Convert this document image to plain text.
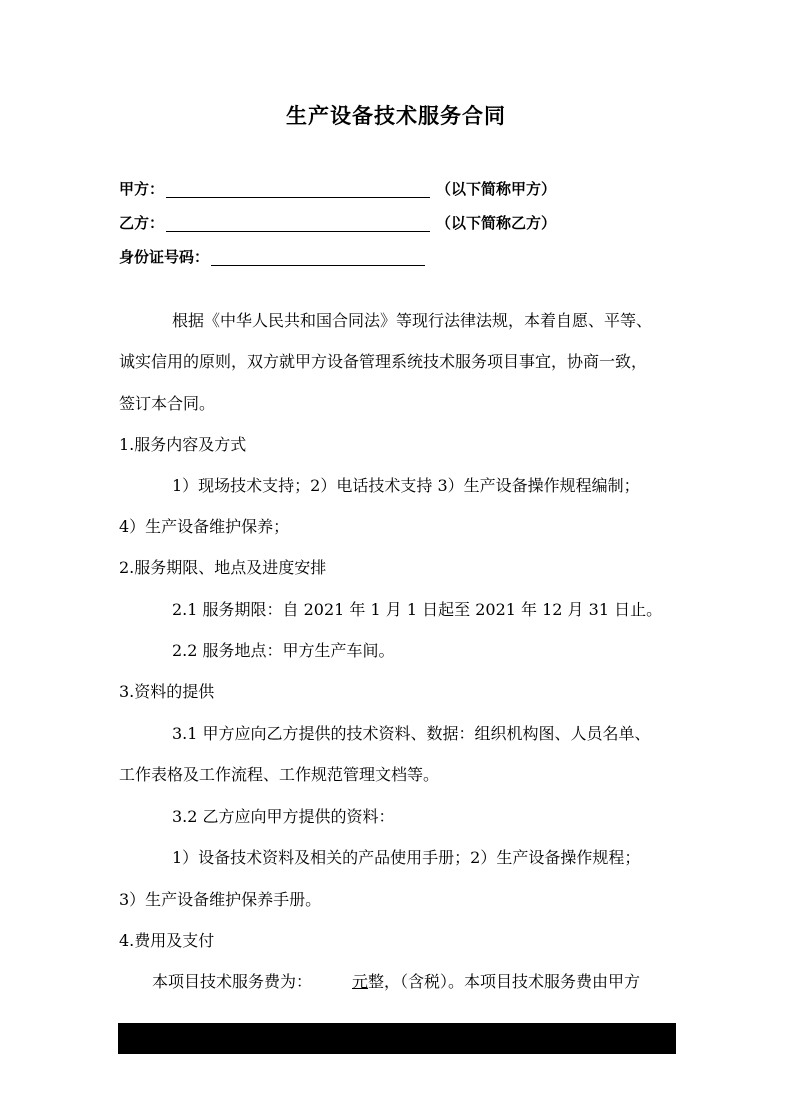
生产设备技术服务合同
甲方：	（以下简称甲方）
乙方：	（以下简称乙方）
身份证号码：
根据《中华人民共和国合同法》等现行法律法规，本着自愿、平等、
诚实信用的原则，双方就甲方设备管理系统技术服务项目事宜，协商一致，
签订本合同。
1.服务内容及方式
1）现场技术支持；2）电话技术支持 3）生产设备操作规程编制；
4）生产设备维护保养；
2.服务期限、地点及进度安排
2.1 服务期限：自 2021 年 1 月 1 日起至 2021 年 12 月 31 日止。
2.2 服务地点：甲方生产车间。
3.资料的提供
3.1 甲方应向乙方提供的技术资料、数据：组织机构图、人员名单、
工作表格及工作流程、工作规范管理文档等。
3.2 乙方应向甲方提供的资料：
1）设备技术资料及相关的产品使用手册；2）生产设备操作规程；
3）生产设备维护保养手册。
4.费用及支付
本项目技术服务费为：	元整，（含税）。本项目技术服务费由甲方
